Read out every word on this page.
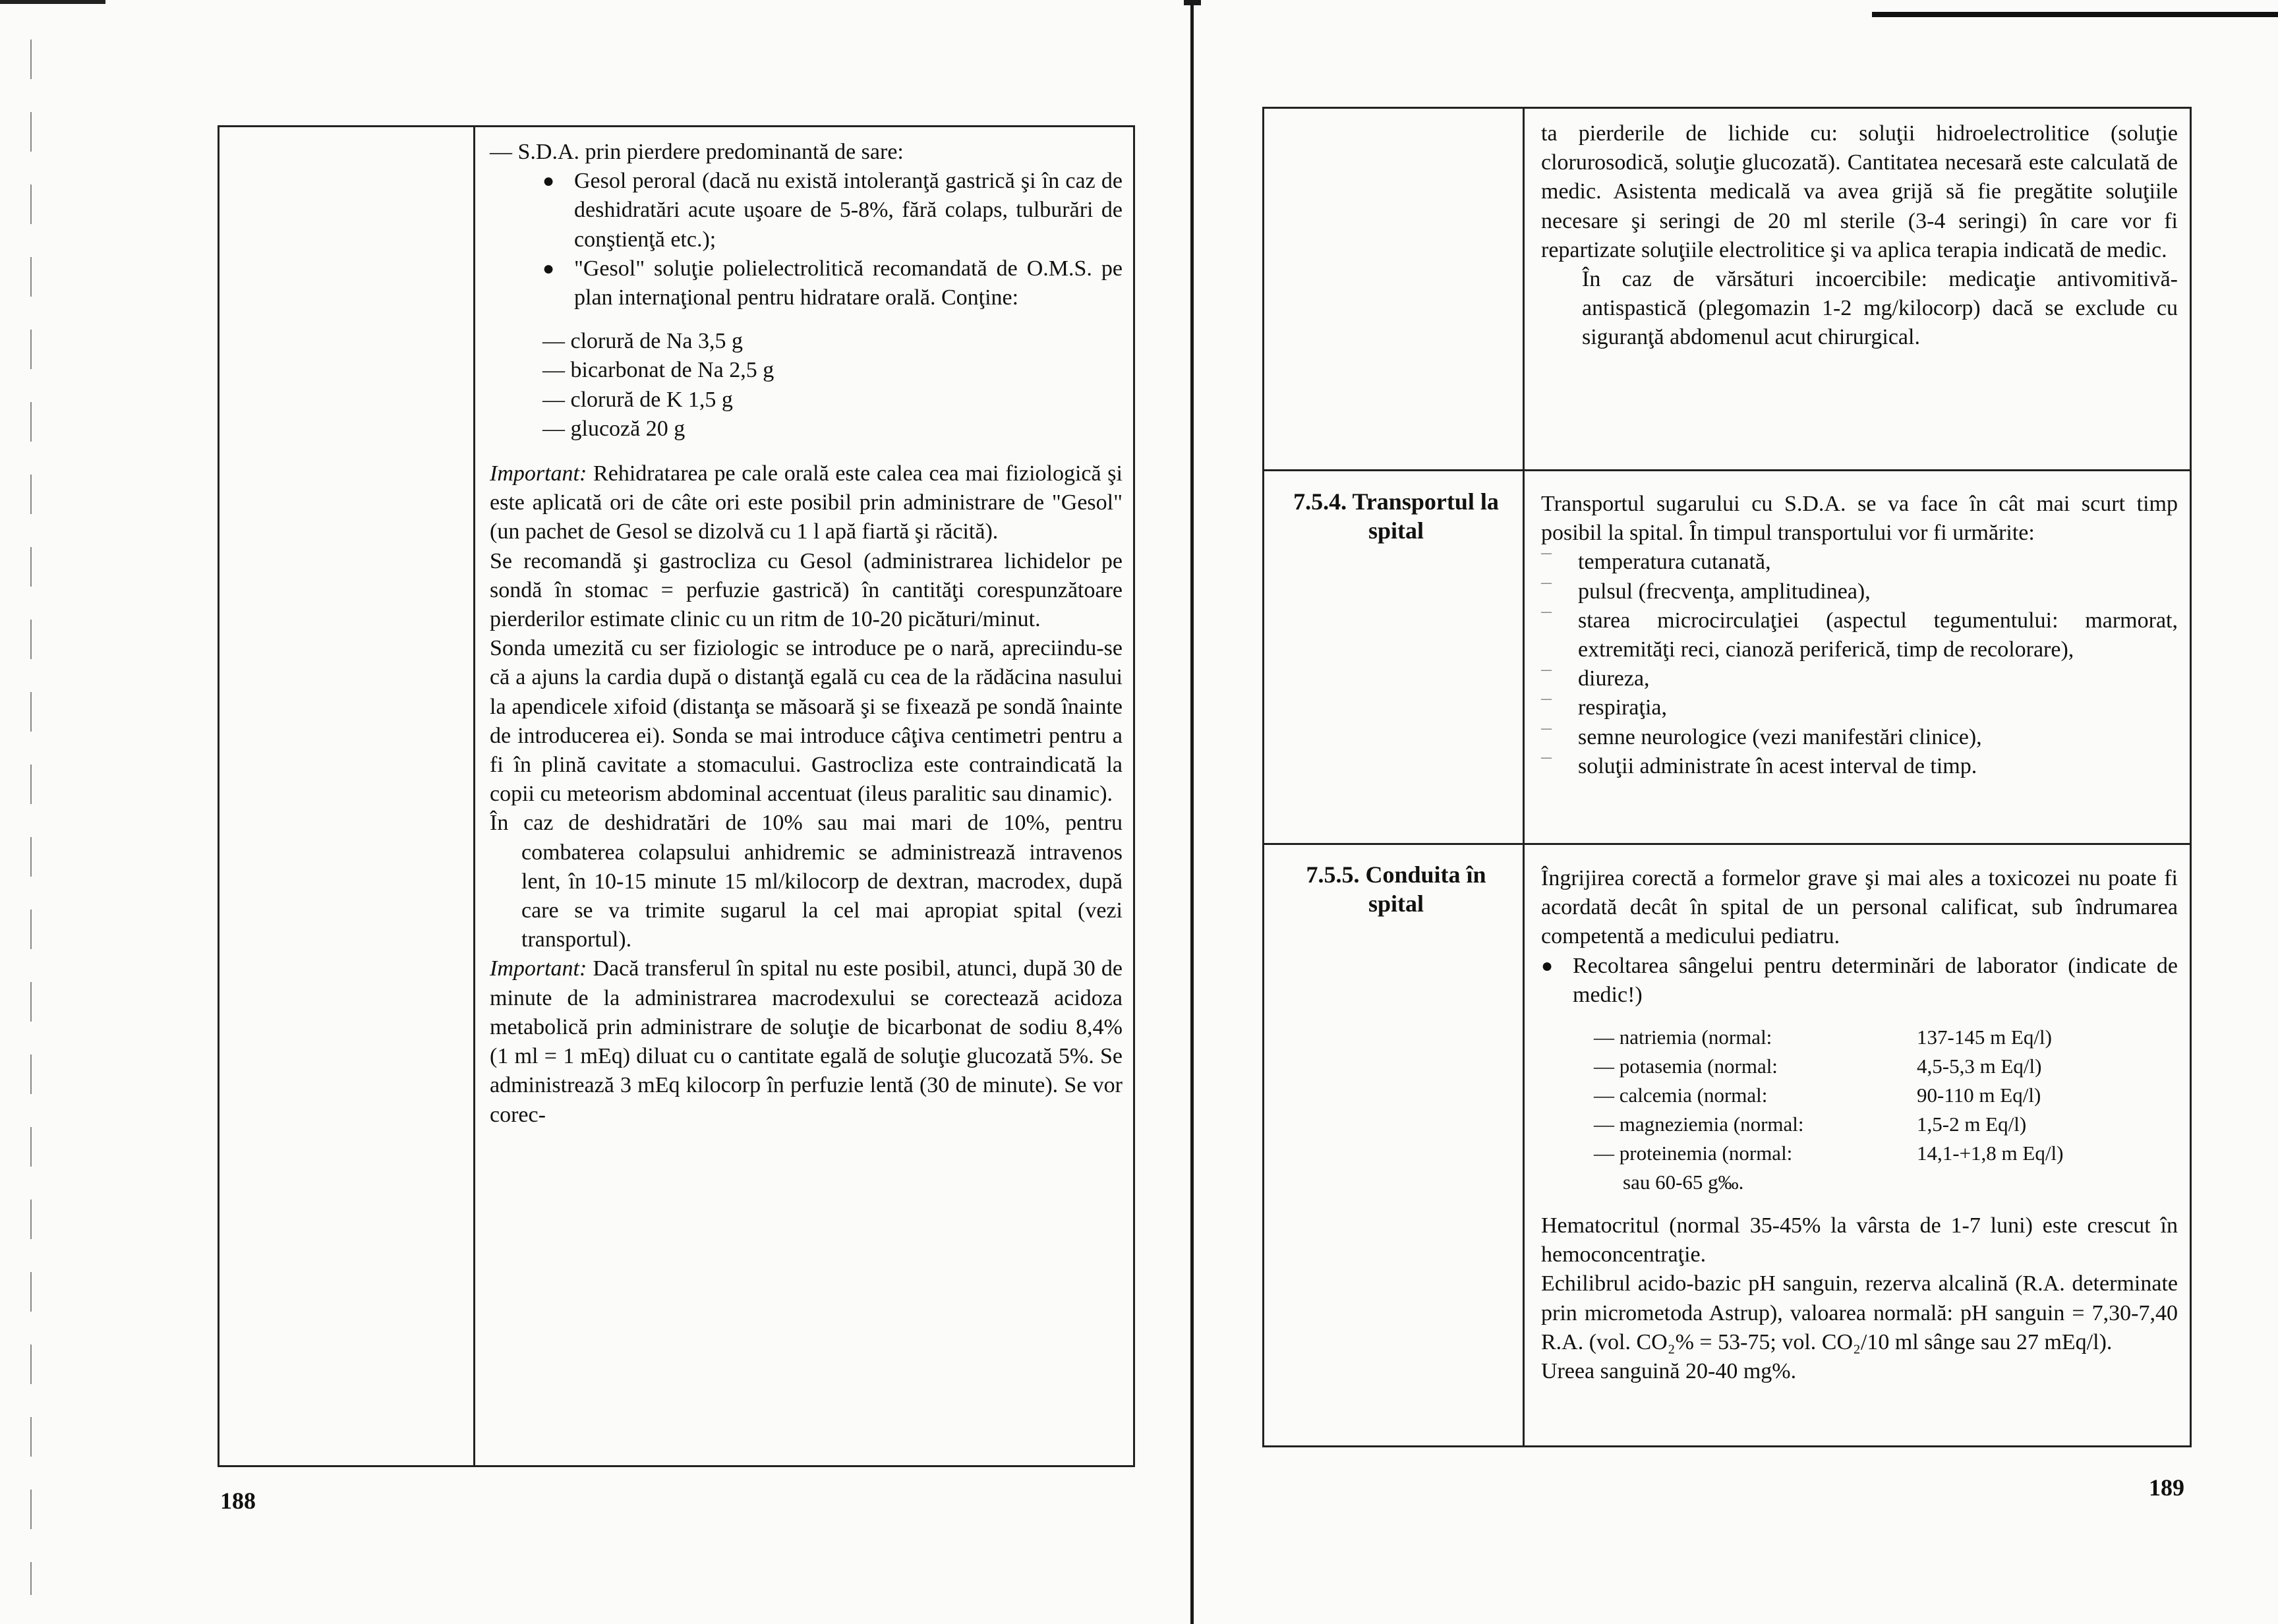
— S.D.A. prin pierdere predominantă de sare:

● Gesol peroral (dacă nu există intoleranţă gastrică şi în caz de deshidratări acute uşoare de 5-8%, fără colaps, tulburări de conştienţă etc.);

● "Gesol" soluţie polielectrolitică recomandată de O.M.S. pe plan internaţional pentru hidratare orală. Conţine:

— clorură de Na 3,5 g

— bicarbonat de Na 2,5 g

— clorură de K 1,5 g

— glucoză 20 g

Important: Rehidratarea pe cale orală este calea cea mai fiziologică şi este aplicată ori de câte ori este posibil prin administrare de "Gesol" (un pachet de Gesol se dizolvă cu 1 l apă fiartă şi răcită).

Se recomandă şi gastrocliza cu Gesol (administrarea lichidelor pe sondă în stomac = perfuzie gastrică) în cantităţi corespunzătoare pierderilor estimate clinic cu un ritm de 10-20 picături/minut.

Sonda umezită cu ser fiziologic se introduce pe o nară, apreciindu-se că a ajuns la cardia după o distanţă egală cu cea de la rădăcina nasului la apendicele xifoid (distanţa se măsoară şi se fixează pe sondă înainte de introducerea ei). Sonda se mai introduce câţiva centimetri pentru a fi în plină cavitate a stomacului. Gastrocliza este contraindicată la copii cu meteorism abdominal accentuat (ileus paralitic sau dinamic).

În caz de deshidratări de 10% sau mai mari de 10%, pentru combaterea colapsului anhidremic se administrează intravenos lent, în 10-15 minute 15 ml/kilocorp de dextran, macrodex, după care se va trimite sugarul la cel mai apropiat spital (vezi transportul).

Important: Dacă transferul în spital nu este posibil, atunci, după 30 de minute de la administrarea macrodexului se corectează acidoza metabolică prin administrare de soluţie de bicarbonat de sodiu 8,4% (1 ml = 1 mEq) diluat cu o cantitate egală de soluţie glucozată 5%. Se administrează 3 mEq kilocorp în perfuzie lentă (30 de minute). Se vor corec-

188

ta pierderile de lichide cu: soluţii hidroelectrolitice (soluţie clorurosodică, soluţie glucozată). Cantitatea necesară este calculată de medic. Asistenta medicală va avea grijă să fie pregătite soluţiile necesare şi seringi de 20 ml sterile (3-4 seringi) în care vor fi repartizate soluţiile electrolitice şi va aplica terapia indicată de medic.

În caz de vărsături incoercibile: medicaţie antivomitivă-antispastică (plegomazin 1-2 mg/kilocorp) dacă se exclude cu siguranţă abdomenul acut chirurgical.

7.5.4. Transportul la spital

Transportul sugarului cu S.D.A. se va face în cât mai scurt timp posibil la spital. În timpul transportului vor fi urmărite:

—	temperatura cutanată,

—	pulsul (frecvenţa, amplitudinea),

—	starea microcirculaţiei (aspectul tegumentului: marmorat, extremităţi reci, cianoză periferică, timp de recolorare),

—	diureza,

—	respiraţia,

—	semne neurologice (vezi manifestări clinice),

—	soluţii administrate în acest interval de timp.

7.5.5. Conduita în spital

Îngrijirea corectă a formelor grave şi mai ales a toxicozei nu poate fi acordată decât în spital de un personal calificat, sub îndrumarea competentă a medicului pediatru.

● Recoltarea sângelui pentru determinări de laborator (indicate de medic!)

— natriemia (normal:	137-145 m Eq/l)
— potasemia (normal:	4,5-5,3 m Eq/l)
— calcemia (normal:	90-110 m Eq/l)
— magneziemia (normal:	1,5-2 m Eq/l)
— proteinemia (normal:	14,1-+1,8 m Eq/l)
sau 60-65 g‰.	

Hematocritul (normal 35-45% la vârsta de 1-7 luni) este crescut în hemoconcentraţie.

Echilibrul acido-bazic pH sanguin, rezerva alcalină (R.A. determinate prin micrometoda Astrup), valoarea normală: pH sanguin = 7,30-7,40 R.A. (vol. CO₂% = 53-75; vol. CO₂/10 ml sânge sau 27 mEq/l).

Ureea sanguină 20-40 mg%.

189
